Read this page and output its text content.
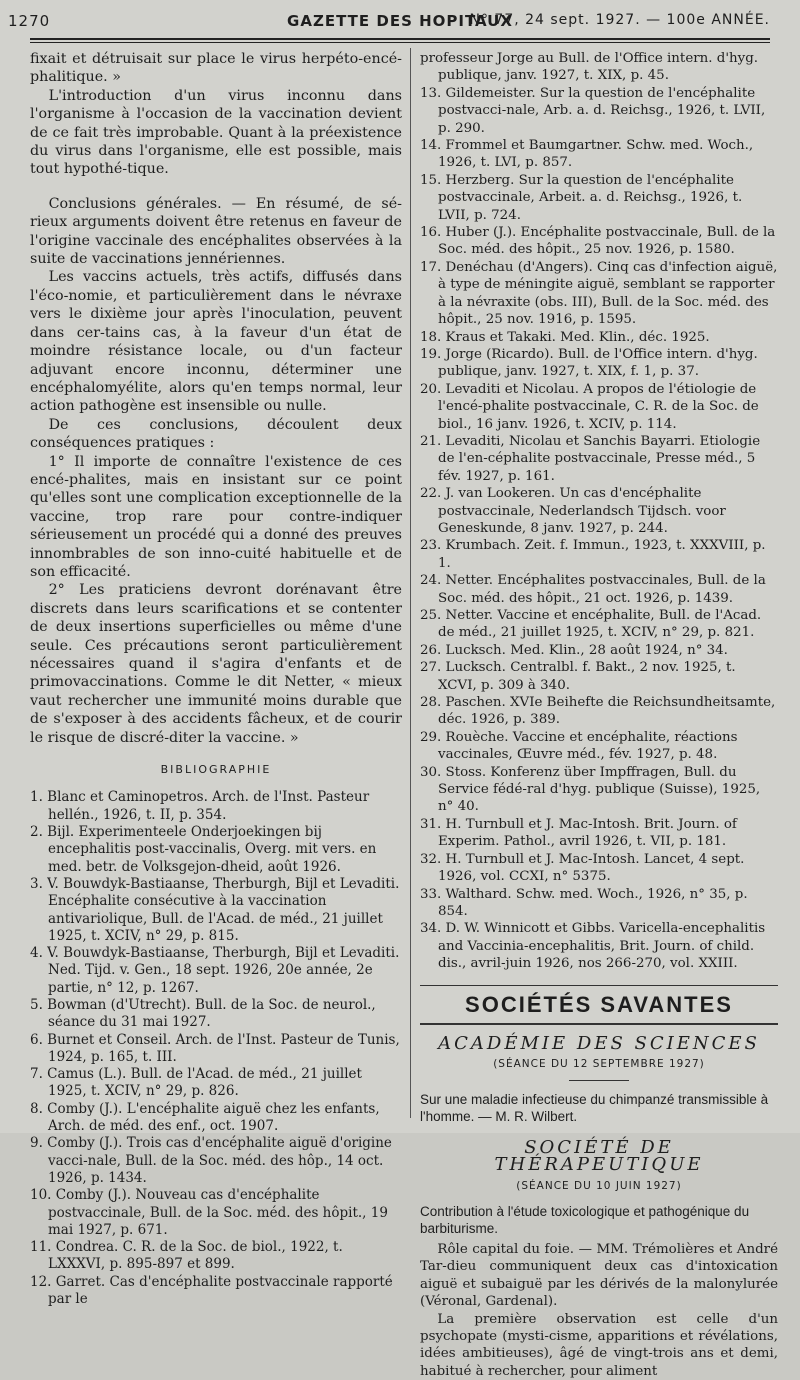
1270	GAZETTE DES HOPITAUX
N° 77, 24 sept. 1927. — 100e ANNÉE.

fixait et détruisait sur place le virus herpéto-encé-phalitique. »

L'introduction d'un virus inconnu dans l'organisme à l'occasion de la vaccination devient de ce fait très improbable. Quant à la préexistence du virus dans l'organisme, elle est possible, mais tout hypothé-tique.

Conclusions générales. — En résumé, de sé-rieux arguments doivent être retenus en faveur de l'origine vaccinale des encéphalites observées à la suite de vaccinations jennériennes.

Les vaccins actuels, très actifs, diffusés dans l'éco-nomie, et particulièrement dans le névraxe vers le dixième jour après l'inoculation, peuvent dans cer-tains cas, à la faveur d'un état de moindre résistance locale, ou d'un facteur adjuvant encore inconnu, déterminer une encéphalomyélite, alors qu'en temps normal, leur action pathogène est insensible ou nulle.

De ces conclusions, découlent deux conséquences pratiques :

1° Il importe de connaître l'existence de ces encé-phalites, mais en insistant sur ce point qu'elles sont une complication exceptionnelle de la vaccine, trop rare pour contre-indiquer sérieusement un procédé qui a donné des preuves innombrables de son inno-cuité habituelle et de son efficacité.

2° Les praticiens devront dorénavant être discrets dans leurs scarifications et se contenter de deux insertions superficielles ou même d'une seule. Ces précautions seront particulièrement nécessaires quand il s'agira d'enfants et de primovaccinations. Comme le dit Netter, « mieux vaut rechercher une immunité moins durable que de s'exposer à des accidents fâcheux, et de courir le risque de discré-diter la vaccine. »

BIBLIOGRAPHIE
1. Blanc et Caminopetros. Arch. de l'Inst. Pasteur hellén., 1926, t. II, p. 354.
2. Bijl. Experimenteele Onderjoekingen bij encephalitis post-vaccinalis, Overg. mit vers. en med. betr. de Volksgejon-dheid, août 1926.
3. V. Bouwdyk-Bastiaanse, Therburgh, Bijl et Levaditi. Encéphalite consécutive à la vaccination antivariolique, Bull. de l'Acad. de méd., 21 juillet 1925, t. XCIV, n° 29, p. 815.
4. V. Bouwdyk-Bastiaanse, Therburgh, Bijl et Levaditi. Ned. Tijd. v. Gen., 18 sept. 1926, 20e année, 2e partie, n° 12, p. 1267.
5. Bowman (d'Utrecht). Bull. de la Soc. de neurol., séance du 31 mai 1927.
6. Burnet et Conseil. Arch. de l'Inst. Pasteur de Tunis, 1924, p. 165, t. III.
7. Camus (L.). Bull. de l'Acad. de méd., 21 juillet 1925, t. XCIV, n° 29, p. 826.
8. Comby (J.). L'encéphalite aiguë chez les enfants, Arch. de méd. des enf., oct. 1907.
9. Comby (J.). Trois cas d'encéphalite aiguë d'origine vacci-nale, Bull. de la Soc. méd. des hôp., 14 oct. 1926, p. 1434.
10. Comby (J.). Nouveau cas d'encéphalite postvaccinale, Bull. de la Soc. méd. des hôpit., 19 mai 1927, p. 671.
11. Condrea. C. R. de la Soc. de biol., 1922, t. LXXXVI, p. 895-897 et 899.
12. Garret. Cas d'encéphalite postvaccinale rapporté par le
professeur Jorge au Bull. de l'Office intern. d'hyg. publique, janv. 1927, t. XIX, p. 45.
13. Gildemeister. Sur la question de l'encéphalite postvacci-nale, Arb. a. d. Reichsg., 1926, t. LVII, p. 290.
14. Frommel et Baumgartner. Schw. med. Woch., 1926, t. LVI, p. 857.
15. Herzberg. Sur la question de l'encéphalite postvaccinale, Arbeit. a. d. Reichsg., 1926, t. LVII, p. 724.
16. Huber (J.). Encéphalite postvaccinale, Bull. de la Soc. méd. des hôpit., 25 nov. 1926, p. 1580.
17. Denéchau (d'Angers). Cinq cas d'infection aiguë, à type de méningite aiguë, semblant se rapporter à la névraxite (obs. III), Bull. de la Soc. méd. des hôpit., 25 nov. 1916, p. 1595.
18. Kraus et Takaki. Med. Klin., déc. 1925.
19. Jorge (Ricardo). Bull. de l'Office intern. d'hyg. publique, janv. 1927, t. XIX, f. 1, p. 37.
20. Levaditi et Nicolau. A propos de l'étiologie de l'encé-phalite postvaccinale, C. R. de la Soc. de biol., 16 janv. 1926, t. XCIV, p. 114.
21. Levaditi, Nicolau et Sanchis Bayarri. Etiologie de l'en-céphalite postvaccinale, Presse méd., 5 fév. 1927, p. 161.
22. J. van Lookeren. Un cas d'encéphalite postvaccinale, Nederlandsch Tijdsch. voor Geneskunde, 8 janv. 1927, p. 244.
23. Krumbach. Zeit. f. Immun., 1923, t. XXXVIII, p. 1.
24. Netter. Encéphalites postvaccinales, Bull. de la Soc. méd. des hôpit., 21 oct. 1926, p. 1439.
25. Netter. Vaccine et encéphalite, Bull. de l'Acad. de méd., 21 juillet 1925, t. XCIV, n° 29, p. 821.
26. Lucksch. Med. Klin., 28 août 1924, n° 34.
27. Lucksch. Centralbl. f. Bakt., 2 nov. 1925, t. XCVI, p. 309 à 340.
28. Paschen. XVIe Beihefte die Reichsundheitsamte, déc. 1926, p. 389.
29. Rouèche. Vaccine et encéphalite, réactions vaccinales, Œuvre méd., fév. 1927, p. 48.
30. Stoss. Konferenz über Impffragen, Bull. du Service fédé-ral d'hyg. publique (Suisse), 1925, n° 40.
31. H. Turnbull et J. Mac-Intosh. Brit. Journ. of Experim. Pathol., avril 1926, t. VII, p. 181.
32. H. Turnbull et J. Mac-Intosh. Lancet, 4 sept. 1926, vol. CCXI, n° 5375.
33. Walthard. Schw. med. Woch., 1926, n° 35, p. 854.
34. D. W. Winnicott et Gibbs. Varicella-encephalitis and Vaccinia-encephalitis, Brit. Journ. of child. dis., avril-juin 1926, nos 266-270, vol. XXIII.
SOCIÉTÉS SAVANTES
ACADÉMIE DES SCIENCES
(SÉANCE DU 12 SEPTEMBRE 1927)
Sur une maladie infectieuse du chimpanzé transmissible à l'homme. — M. R. Wilbert.
SOCIÉTÉ DE THÉRAPEUTIQUE
(SÉANCE DU 10 JUIN 1927)
Contribution à l'étude toxicologique et pathogénique du barbiturisme.

Rôle capital du foie. — MM. Trémolières et André Tar-dieu communiquent deux cas d'intoxication aiguë et subaiguë par les dérivés de la malonylurée (Véronal, Gardenal).

La première observation est celle d'un psychopate (mysti-cisme, apparitions et révélations, idées ambitieuses), âgé de vingt-trois ans et demi, habitué à rechercher, pour aliment
